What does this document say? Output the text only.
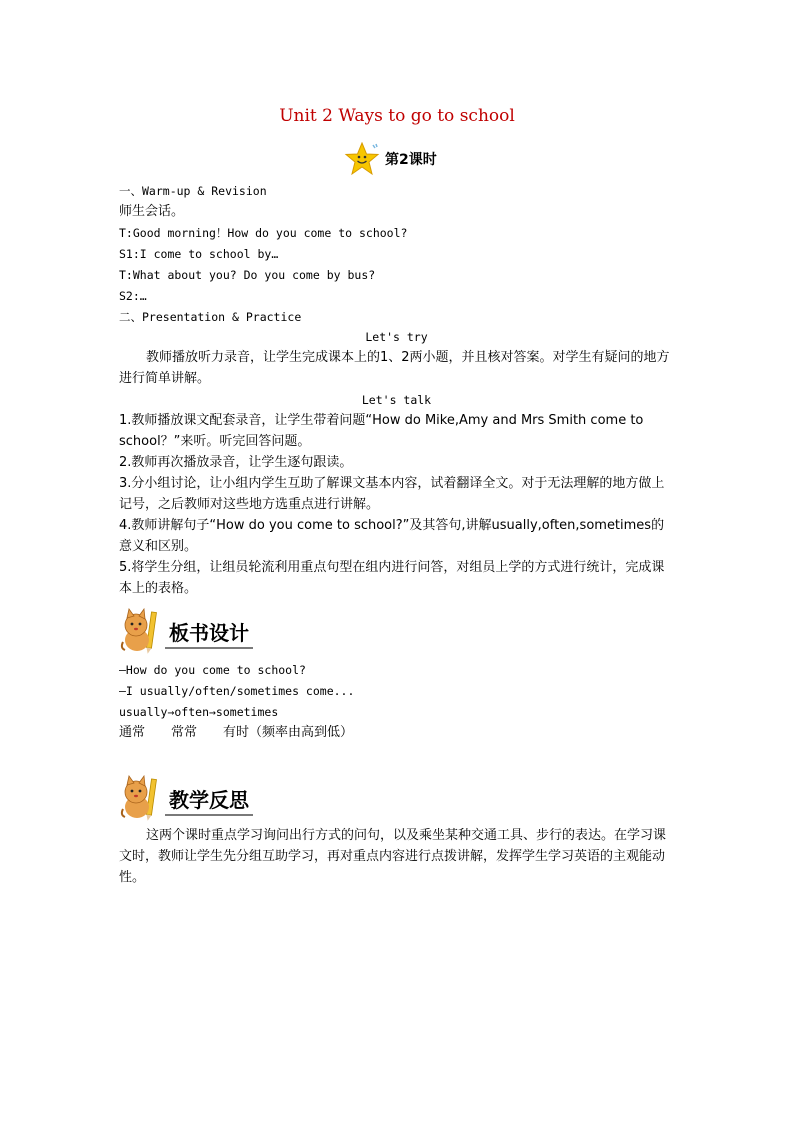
Unit 2 Ways to go to school
第2课时
一、Warm-up & Revision
师生会话。
T:Good morning！How do you come to school?
S1:I come to school by…
T:What about you? Do you come by bus?
S2:…
二、Presentation & Practice
Let's try
教师播放听力录音，让学生完成课本上的1、2两小题，并且核对答案。对学生有疑问的地方进行简单讲解。
Let's talk
1.教师播放课文配套录音，让学生带着问题“How do Mike,Amy and Mrs Smith come to school？”来听。听完回答问题。
2.教师再次播放录音，让学生逐句跟读。
3.分小组讨论，让小组内学生互助了解课文基本内容，试着翻译全文。对于无法理解的地方做上记号，之后教师对这些地方选重点进行讲解。
4.教师讲解句子“How do you come to school?”及其答句,讲解usually,often,sometimes的意义和区别。
5.将学生分组，让组员轮流利用重点句型在组内进行问答，对组员上学的方式进行统计，完成课本上的表格。
板书设计
—How do you come to school?
—I usually/often/sometimes come...
usually→often→sometimes
通常　　常常　　有时（频率由高到低）
教学反思
这两个课时重点学习询问出行方式的问句，以及乘坐某种交通工具、步行的表达。在学习课文时，教师让学生先分组互助学习，再对重点内容进行点拨讲解，发挥学生学习英语的主观能动性。
